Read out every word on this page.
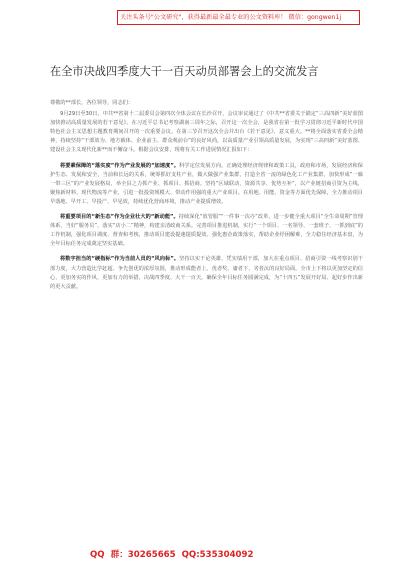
关注头条号"公文研究"，获得最新最全最专业的公文资料库！ 微信：gongwen1j
在全市决战四季度大干一百天动员部署会上的交流发言

尊敬的**部长，各位领导，同志们：

9月29日至30日，中共**省第十二届委员会第四次全体会议在长沙召开，会议审议通过了《中共**省委关于锚定“三高四新”美好蓝图 加快推动高质量发展的若干意见》。在习近平总书记考察湖南三周年之际，召开这一次全会，是我省在第一批学习贯彻习近平新时代中国特色社会主义思想主题教育期间召开的一次重要会议。在第三节召开这次全会并出台《若干意见》，意义重大。**将全面落实省委全会精神，持续坚持“干部效为、地方载体、企业前主、群众观前台”的良好风尚，以高质量产业引领高质量发展，为实现“三高四新”美好蓝图、建设社会主义现代化新**而不懈奋斗。根据会议安排，现将有关工作进展情况汇报如下：

将要素保障的“落实度”作为产业发展的“加速度”。科学定位发展方向，正确处理经济规律和政策工具，政府和市场，发展经济和保护生态、发展和安全，当前和长远的关系，统筹抓好支柱产业，做大做强产业集群，打造全省一流的绿色化工产业集群，加快形成“一廊一带三区”的产业发展格局，举全县之力抓产业、抓项目、抓招商。坚持“区域联动、资源共享、优势互补”，以产业链招商引资为主线，聚焦新材料、现代物流等产业，引进一批投资规模大、带动作用强的重大产业项目。在用地、用能、资金等方面优先保障，全力推动项目早落地、早开工、早投产、早见效，持续优化营商环境，推动产业提质增效。

将重要项目的“新生态”作为企业壮大的“新动能”。持续深化“放管服”“一件事一次办”改革，进一步健全重大项目“全生命周期”管理体系，当好“服务员”、落实“店小二”精神，构建亲清政商关系。完善项目推进机制，实行“一个项目、一名领导、一套班子、一抓到底”的工作机制，强化项目调度、督查和考核，推动项目建设提速提质提效。强化惠企政策落实，帮助企业纾困解难，全力稳住经济基本盘，为全年目标任务完成奠定坚实基础。

将数字担当的“硬指标”作为当前人员的“风向标”。坚持以实干论英雄、凭实绩用干部，加大在重点项目、招商引资一线考察识别干部力度，大力营造比学赶超、争先创优的浓厚氛围，推动形成能者上、优者奖、庸者下、劣者汰的良好局面。全市上下将以更加坚定的信心、更加务实的作风、更加有力的举措，决战四季度、大干一百天，确保全年目标任务圆满完成，为“十四五”发展开好局、起好步作出新的更大贡献。

QQ 群：30265665 QQ:535304092
